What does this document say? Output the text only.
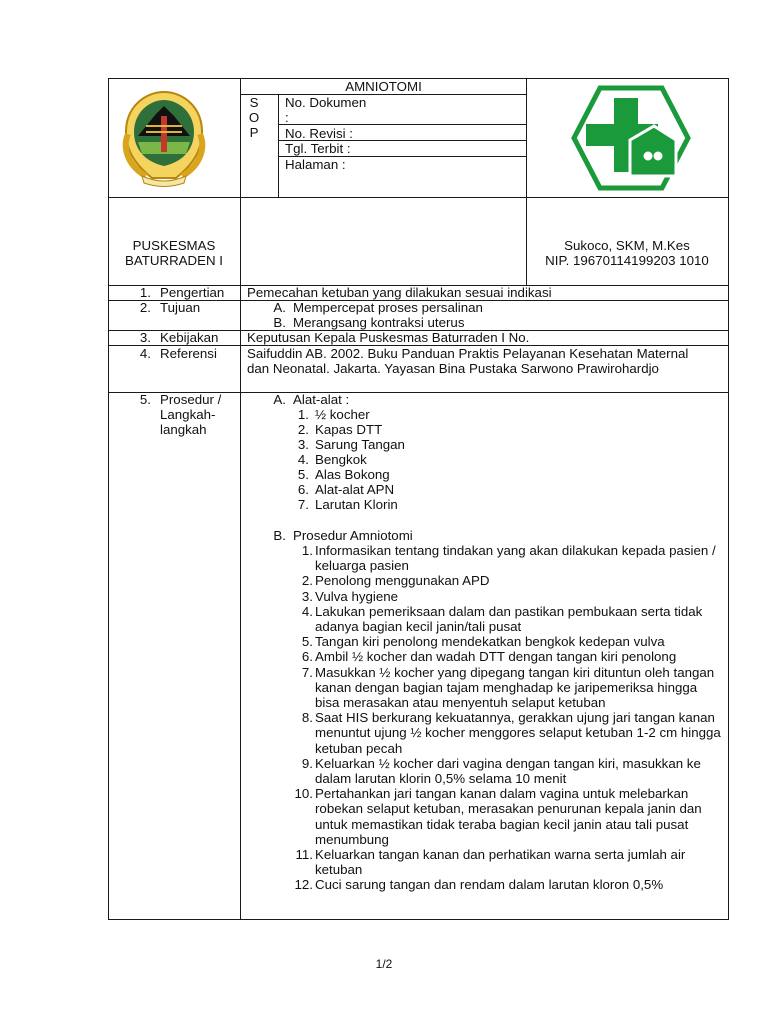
AMNIOTOMI
S
O
P
No. Dokumen
:
No. Revisi :
Tgl. Terbit :
Halaman :
PUSKESMAS
BATURRADEN I
Sukoco, SKM, M.Kes
NIP. 19670114199203 1010
1. Pengertian Pemecahan ketuban yang dilakukan sesuai indikasi
2. Tujuan	A. Mempercepat proses persalinan
B. Merangsang kontraksi uterus
3. Kebijakan Keputusan Kepala Puskesmas Baturraden I No.
4. Referensi Saifuddin AB. 2002. Buku Panduan Praktis Pelayanan Kesehatan Maternal dan Neonatal. Jakarta. Yayasan Bina Pustaka Sarwono Prawirohardjo
5. Prosedur /
Langkah-
langkah
A. Alat-alat :
1. ½ kocher
2. Kapas DTT
3. Sarung Tangan
4. Bengkok
5. Alas Bokong
6. Alat-alat APN
7. Larutan Klorin
B. Prosedur Amniotomi
1. Informasikan tentang tindakan yang akan dilakukan kepada pasien / keluarga pasien
2. Penolong menggunakan APD
3. Vulva hygiene
4. Lakukan pemeriksaan dalam dan pastikan pembukaan serta tidak adanya bagian kecil janin/tali pusat
5. Tangan kiri penolong mendekatkan bengkok kedepan vulva
6. Ambil ½ kocher dan wadah DTT dengan tangan kiri penolong
7. Masukkan ½ kocher yang dipegang tangan kiri dituntun oleh tangan kanan dengan bagian tajam menghadap ke jaripemeriksa hingga bisa merasakan atau menyentuh selaput ketuban
8. Saat HIS berkurang kekuatannya, gerakkan ujung jari tangan kanan menuntut ujung ½ kocher menggores selaput ketuban 1-2 cm hingga ketuban pecah
9. Keluarkan ½ kocher dari vagina dengan tangan kiri, masukkan ke dalam larutan klorin 0,5% selama 10 menit
10. Pertahankan jari tangan kanan dalam vagina untuk melebarkan robekan selaput ketuban, merasakan penurunan kepala janin dan untuk memastikan tidak teraba bagian kecil janin atau tali pusat menumbung
11. Keluarkan tangan kanan dan perhatikan warna serta jumlah air ketuban
12. Cuci sarung tangan dan rendam dalam larutan kloron 0,5%
1/2
